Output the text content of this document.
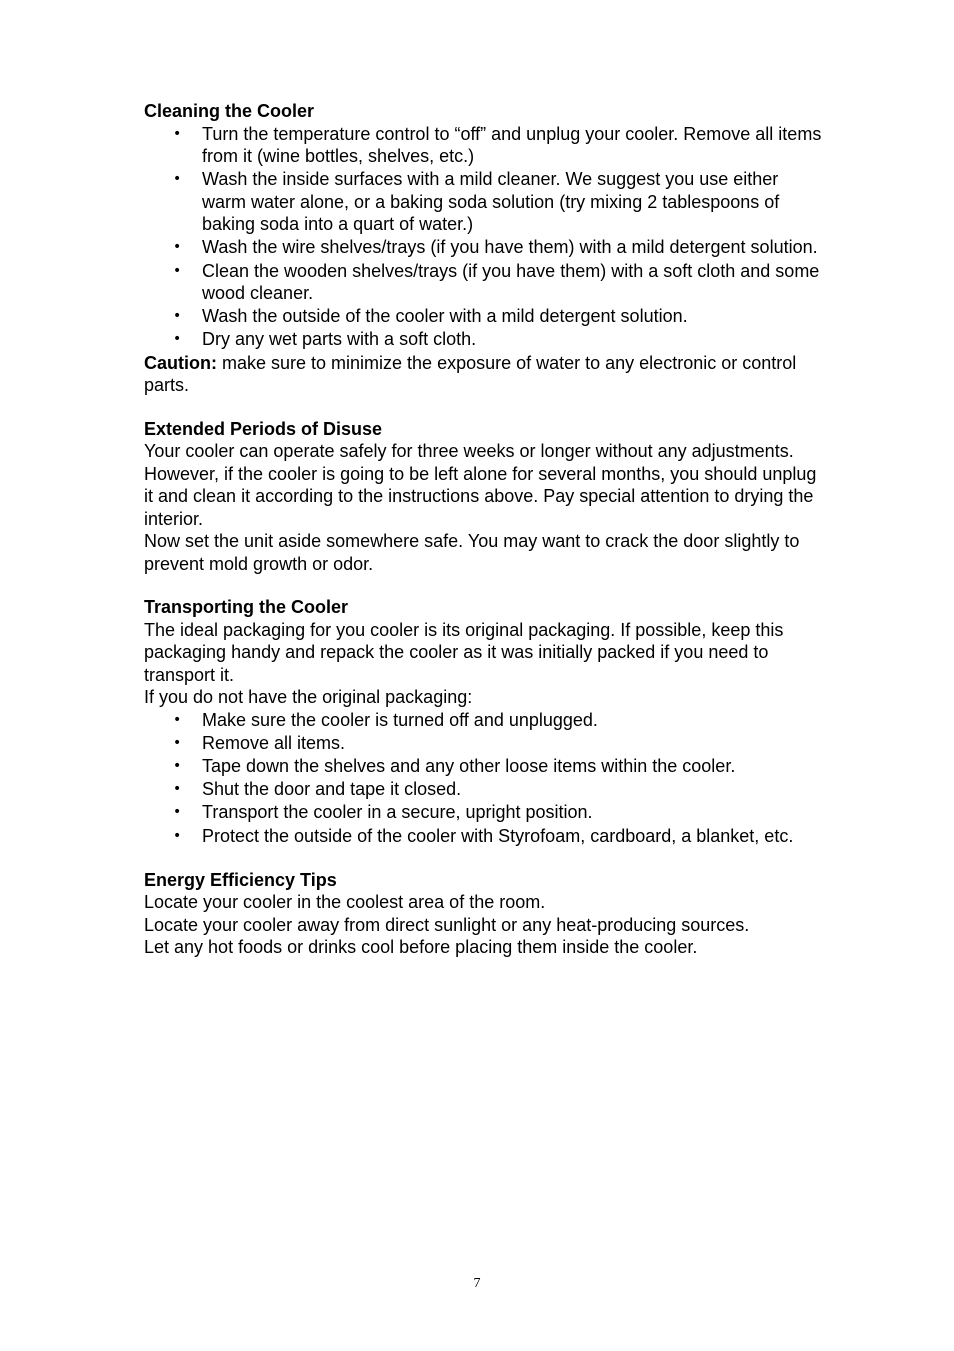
Cleaning the Cooler

• Turn the temperature control to “off” and unplug your cooler. Remove all items from it (wine bottles, shelves, etc.)
• Wash the inside surfaces with a mild cleaner. We suggest you use either warm water alone, or a baking soda solution (try mixing 2 tablespoons of baking soda into a quart of water.)
• Wash the wire shelves/trays (if you have them) with a mild detergent solution.
• Clean the wooden shelves/trays (if you have them) with a soft cloth and some wood cleaner.
• Wash the outside of the cooler with a mild detergent solution.
• Dry any wet parts with a soft cloth.

Caution: make sure to minimize the exposure of water to any electronic or control parts.

Extended Periods of Disuse

Your cooler can operate safely for three weeks or longer without any adjustments. However, if the cooler is going to be left alone for several months, you should unplug it and clean it according to the instructions above. Pay special attention to drying the interior.

Now set the unit aside somewhere safe. You may want to crack the door slightly to prevent mold growth or odor.

Transporting the Cooler

The ideal packaging for you cooler is its original packaging. If possible, keep this packaging handy and repack the cooler as it was initially packed if you need to transport it.

If you do not have the original packaging:

• Make sure the cooler is turned off and unplugged.
• Remove all items.
• Tape down the shelves and any other loose items within the cooler.
• Shut the door and tape it closed.
• Transport the cooler in a secure, upright position.
• Protect the outside of the cooler with Styrofoam, cardboard, a blanket, etc.

Energy Efficiency Tips

Locate your cooler in the coolest area of the room.

Locate your cooler away from direct sunlight or any heat-producing sources.

Let any hot foods or drinks cool before placing them inside the cooler.

7
